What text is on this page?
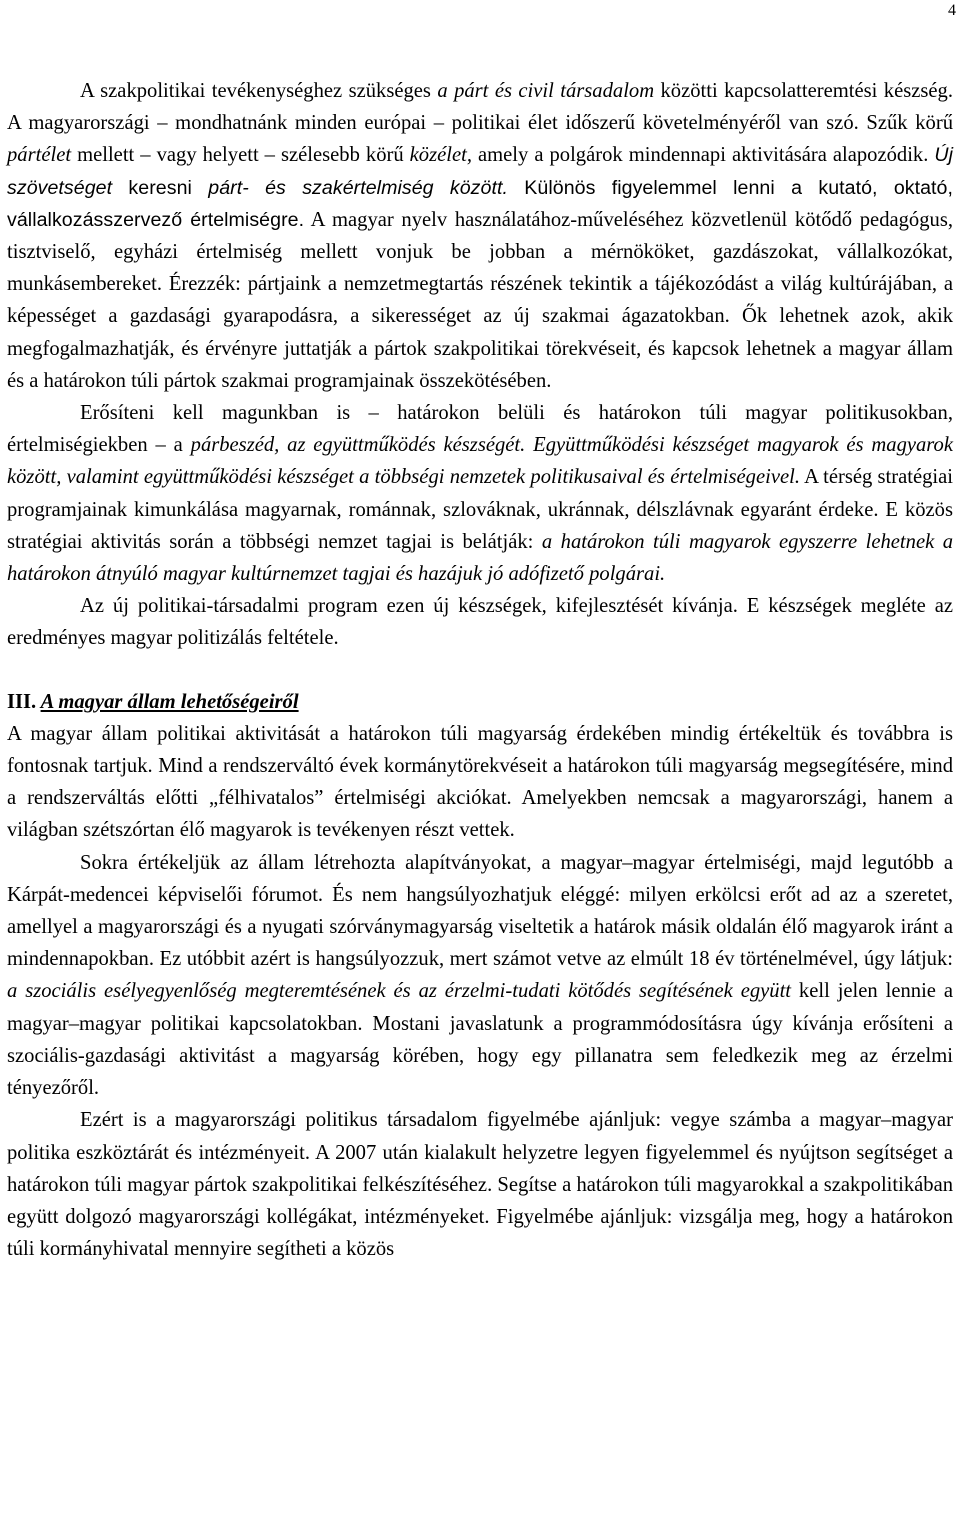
4

A szakpolitikai tevékenységhez szükséges a párt és civil társadalom közötti kapcsolatteremtési készség. A magyarországi – mondhatnánk minden európai – politikai élet időszerű követelményéről van szó. Szűk körű pártélet mellett – vagy helyett – szélesebb körű közélet, amely a polgárok mindennapi aktivitására alapozódik. Új szövetséget keresni párt- és szakértelmiség között. Különös figyelemmel lenni a kutató, oktató, vállalkozásszervező értelmiségre. A magyar nyelv használatához-műveléséhez közvetlenül kötődő pedagógus, tisztviselő, egyházi értelmiség mellett vonjuk be jobban a mérnököket, gazdászokat, vállalkozókat, munkásembereket. Érezzék: pártjaink a nemzetmegtartás részének tekintik a tájékozódást a világ kultúrájában, a képességet a gazdasági gyarapodásra, a sikerességet az új szakmai ágazatokban. Ők lehetnek azok, akik megfogalmazhatják, és érvényre juttatják a pártok szakpolitikai törekvéseit, és kapcsok lehetnek a magyar állam és a határokon túli pártok szakmai programjainak összekötésében.

Erősíteni kell magunkban is – határokon belüli és határokon túli magyar politikusokban, értelmiségiekben – a párbeszéd, az együttműködés készségét. Együttműködési készséget magyarok és magyarok között, valamint együttműködési készséget a többségi nemzetek politikusaival és értelmiségeivel. A térség stratégiai programjainak kimunkálása magyarnak, románnak, szlováknak, ukránnak, délszlávnak egyaránt érdeke. E közös stratégiai aktivitás során a többségi nemzet tagjai is belátják: a határokon túli magyarok egyszerre lehetnek a határokon átnyúló magyar kultúrnemzet tagjai és hazájuk jó adófizető polgárai.

Az új politikai-társadalmi program ezen új készségek, kifejlesztését kívánja. E készségek megléte az eredményes magyar politizálás feltétele.

III. A magyar állam lehetőségeiről

A magyar állam politikai aktivitását a határokon túli magyarság érdekében mindig értékeltük és továbbra is fontosnak tartjuk. Mind a rendszerváltó évek kormánytörekvéseit a határokon túli magyarság megsegítésére, mind a rendszerváltás előtti „félhivatalos” értelmiségi akciókat. Amelyekben nemcsak a magyarországi, hanem a világban szétszórtan élő magyarok is tevékenyen részt vettek.

Sokra értékeljük az állam létrehozta alapítványokat, a magyar–magyar értelmiségi, majd legutóbb a Kárpát-medencei képviselői fórumot. És nem hangsúlyozhatjuk eléggé: milyen erkölcsi erőt ad az a szeretet, amellyel a magyarországi és a nyugati szórványmagyarság viseltetik a határok másik oldalán élő magyarok iránt a mindennapokban. Ez utóbbit azért is hangsúlyozzuk, mert számot vetve az elmúlt 18 év történelmével, úgy látjuk: a szociális esélyegyenlőség megteremtésének és az érzelmi-tudati kötődés segítésének együtt kell jelen lennie a magyar–magyar politikai kapcsolatokban. Mostani javaslatunk a programmódosításra úgy kívánja erősíteni a szociális-gazdasági aktivitást a magyarság körében, hogy egy pillanatra sem feledkezik meg az érzelmi tényezőről.

Ezért is a magyarországi politikus társadalom figyelmébe ajánljuk: vegye számba a magyar–magyar politika eszköztárát és intézményeit. A 2007 után kialakult helyzetre legyen figyelemmel és nyújtson segítséget a határokon túli magyar pártok szakpolitikai felkészítéséhez. Segítse a határokon túli magyarokkal a szakpolitikában együtt dolgozó magyarországi kollégákat, intézményeket. Figyelmébe ajánljuk: vizsgálja meg, hogy a határokon túli kormányhivatal mennyire segítheti a közös
